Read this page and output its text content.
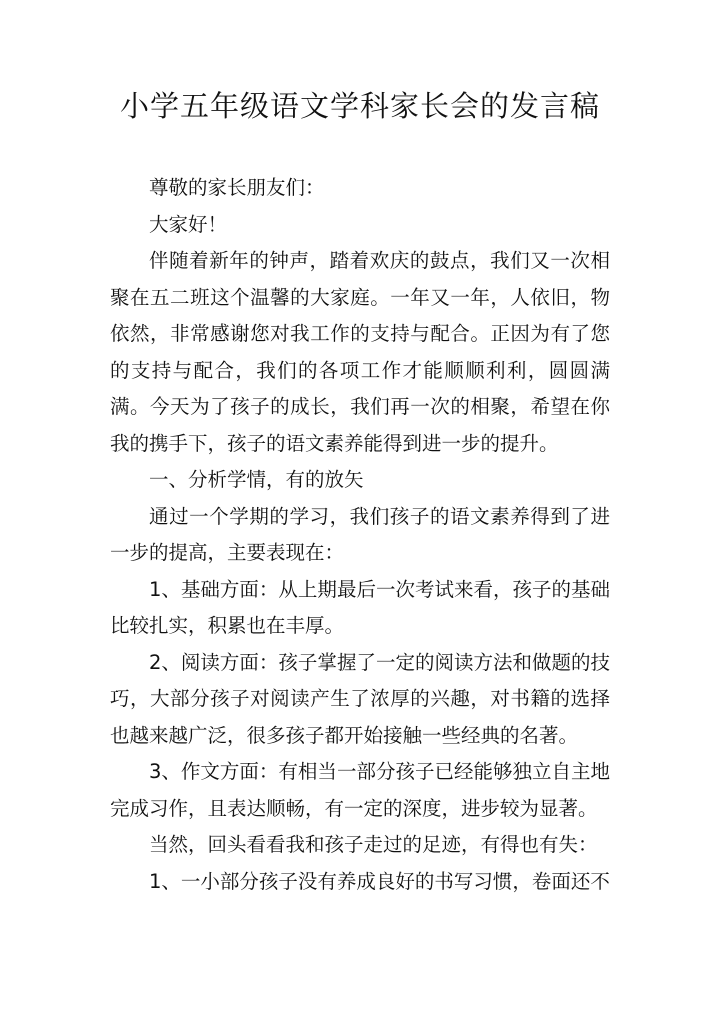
小学五年级语文学科家长会的发言稿

尊敬的家长朋友们：

大家好！

伴随着新年的钟声，踏着欢庆的鼓点，我们又一次相聚在五二班这个温馨的大家庭。一年又一年，人依旧，物依然，非常感谢您对我工作的支持与配合。正因为有了您的支持与配合，我们的各项工作才能顺顺利利，圆圆满满。今天为了孩子的成长，我们再一次的相聚，希望在你我的携手下，孩子的语文素养能得到进一步的提升。

一、分析学情，有的放矢

通过一个学期的学习，我们孩子的语文素养得到了进一步的提高，主要表现在：

1、基础方面：从上期最后一次考试来看，孩子的基础比较扎实，积累也在丰厚。

2、阅读方面：孩子掌握了一定的阅读方法和做题的技巧，大部分孩子对阅读产生了浓厚的兴趣，对书籍的选择也越来越广泛，很多孩子都开始接触一些经典的名著。

3、作文方面：有相当一部分孩子已经能够独立自主地完成习作，且表达顺畅，有一定的深度，进步较为显著。

当然，回头看看我和孩子走过的足迹，有得也有失：

1、一小部分孩子没有养成良好的书写习惯，卷面还不
